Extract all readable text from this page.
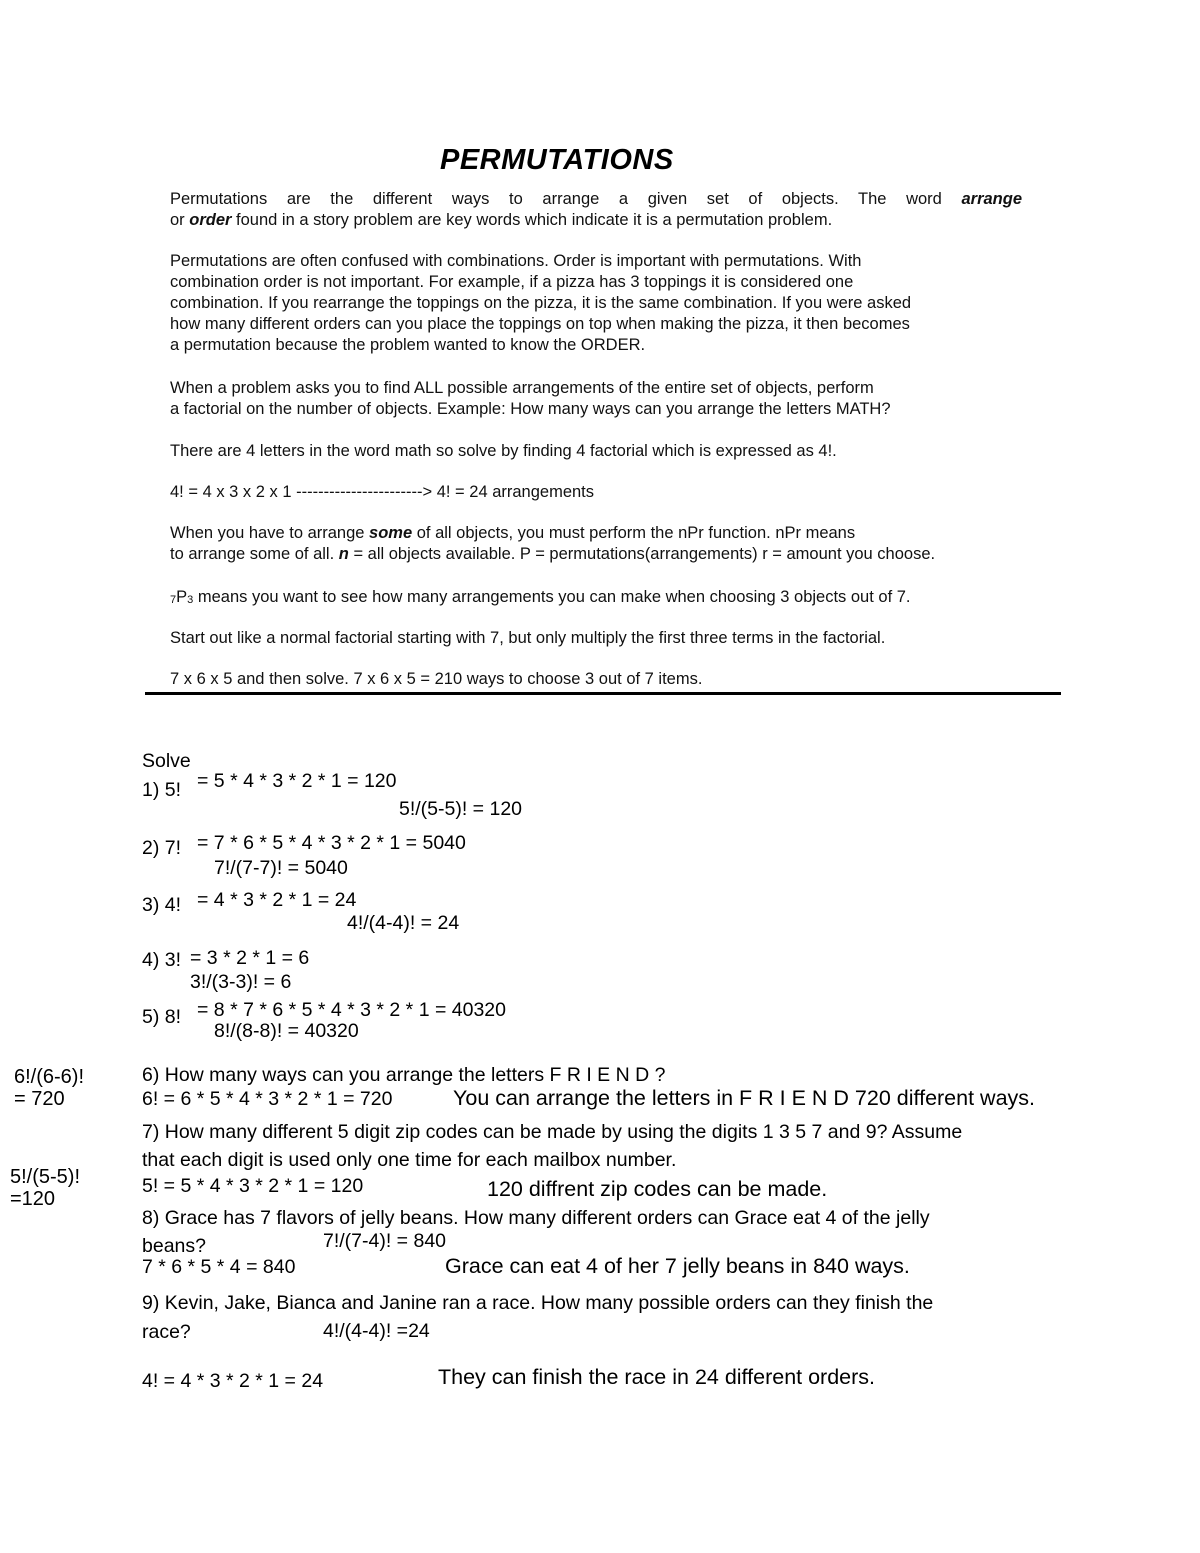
PERMUTATIONS
Permutations are the different ways to arrange a given set of objects. The word arrange
or order found in a story problem are key words which indicate it is a permutation problem.
Permutations are often confused with combinations. Order is important with permutations. With
combination order is not important. For example, if a pizza has 3 toppings it is considered one
combination. If you rearrange the toppings on the pizza, it is the same combination. If you were asked
how many different orders can you place the toppings on top when making the pizza, it then becomes
a permutation because the problem wanted to know the ORDER.
When a problem asks you to find ALL possible arrangements of the entire set of objects, perform
a factorial on the number of objects. Example: How many ways can you arrange the letters MATH?
There are 4 letters in the word math so solve by finding 4 factorial which is expressed as 4!.
4! = 4 x 3 x 2 x 1 -----------------------> 4! = 24 arrangements
When you have to arrange some of all objects, you must perform the nPr function. nPr means
to arrange some of all. n = all objects available. P = permutations(arrangements) r = amount you choose.
$_7P_3$ means you want to see how many arrangements you can make when choosing 3 objects out of 7.
Start out like a normal factorial starting with 7, but only multiply the first three terms in the factorial.
7 x 6 x 5 and then solve. 7 x 6 x 5 = 210 ways to choose 3 out of 7 items.
Solve
1) 5! = 5 * 4 * 3 * 2 * 1 = 120
5!/(5-5)! = 120
2) 7! = 7 * 6 * 5 * 4 * 3 * 2 * 1 = 5040
7!/(7-7)! = 5040
3) 4! = 4 * 3 * 2 * 1 = 24
4!/(4-4)! = 24
4) 3! = 3 * 2 * 1 = 6
3!/(3-3)! = 6
5) 8! = 8 * 7 * 6 * 5 * 4 * 3 * 2 * 1 = 40320
8!/(8-8)! = 40320
6!/(6-6)!
= 720
5!/(5-5)!
=120
6) How many ways can you arrange the letters F R I E N D ?
6! = 6 * 5 * 4 * 3 * 2 * 1 = 720	You can arrange the letters in F R I E N D 720 different ways.
7) How many different 5 digit zip codes can be made by using the digits 1 3 5 7 and 9? Assume
that each digit is used only one time for each mailbox number.
5! = 5 * 4 * 3 * 2 * 1 = 120	120 diffrent zip codes can be made.
8) Grace has 7 flavors of jelly beans. How many different orders can Grace eat 4 of the jelly
beans?	7!/(7-4)! = 840
7 * 6 * 5 * 4 = 840	Grace can eat 4 of her 7 jelly beans in 840 ways.
9) Kevin, Jake, Bianca and Janine ran a race. How many possible orders can they finish the
race?	4!/(4-4)! =24
4! = 4 * 3 * 2 * 1 = 24	They can finish the race in 24 different orders.
